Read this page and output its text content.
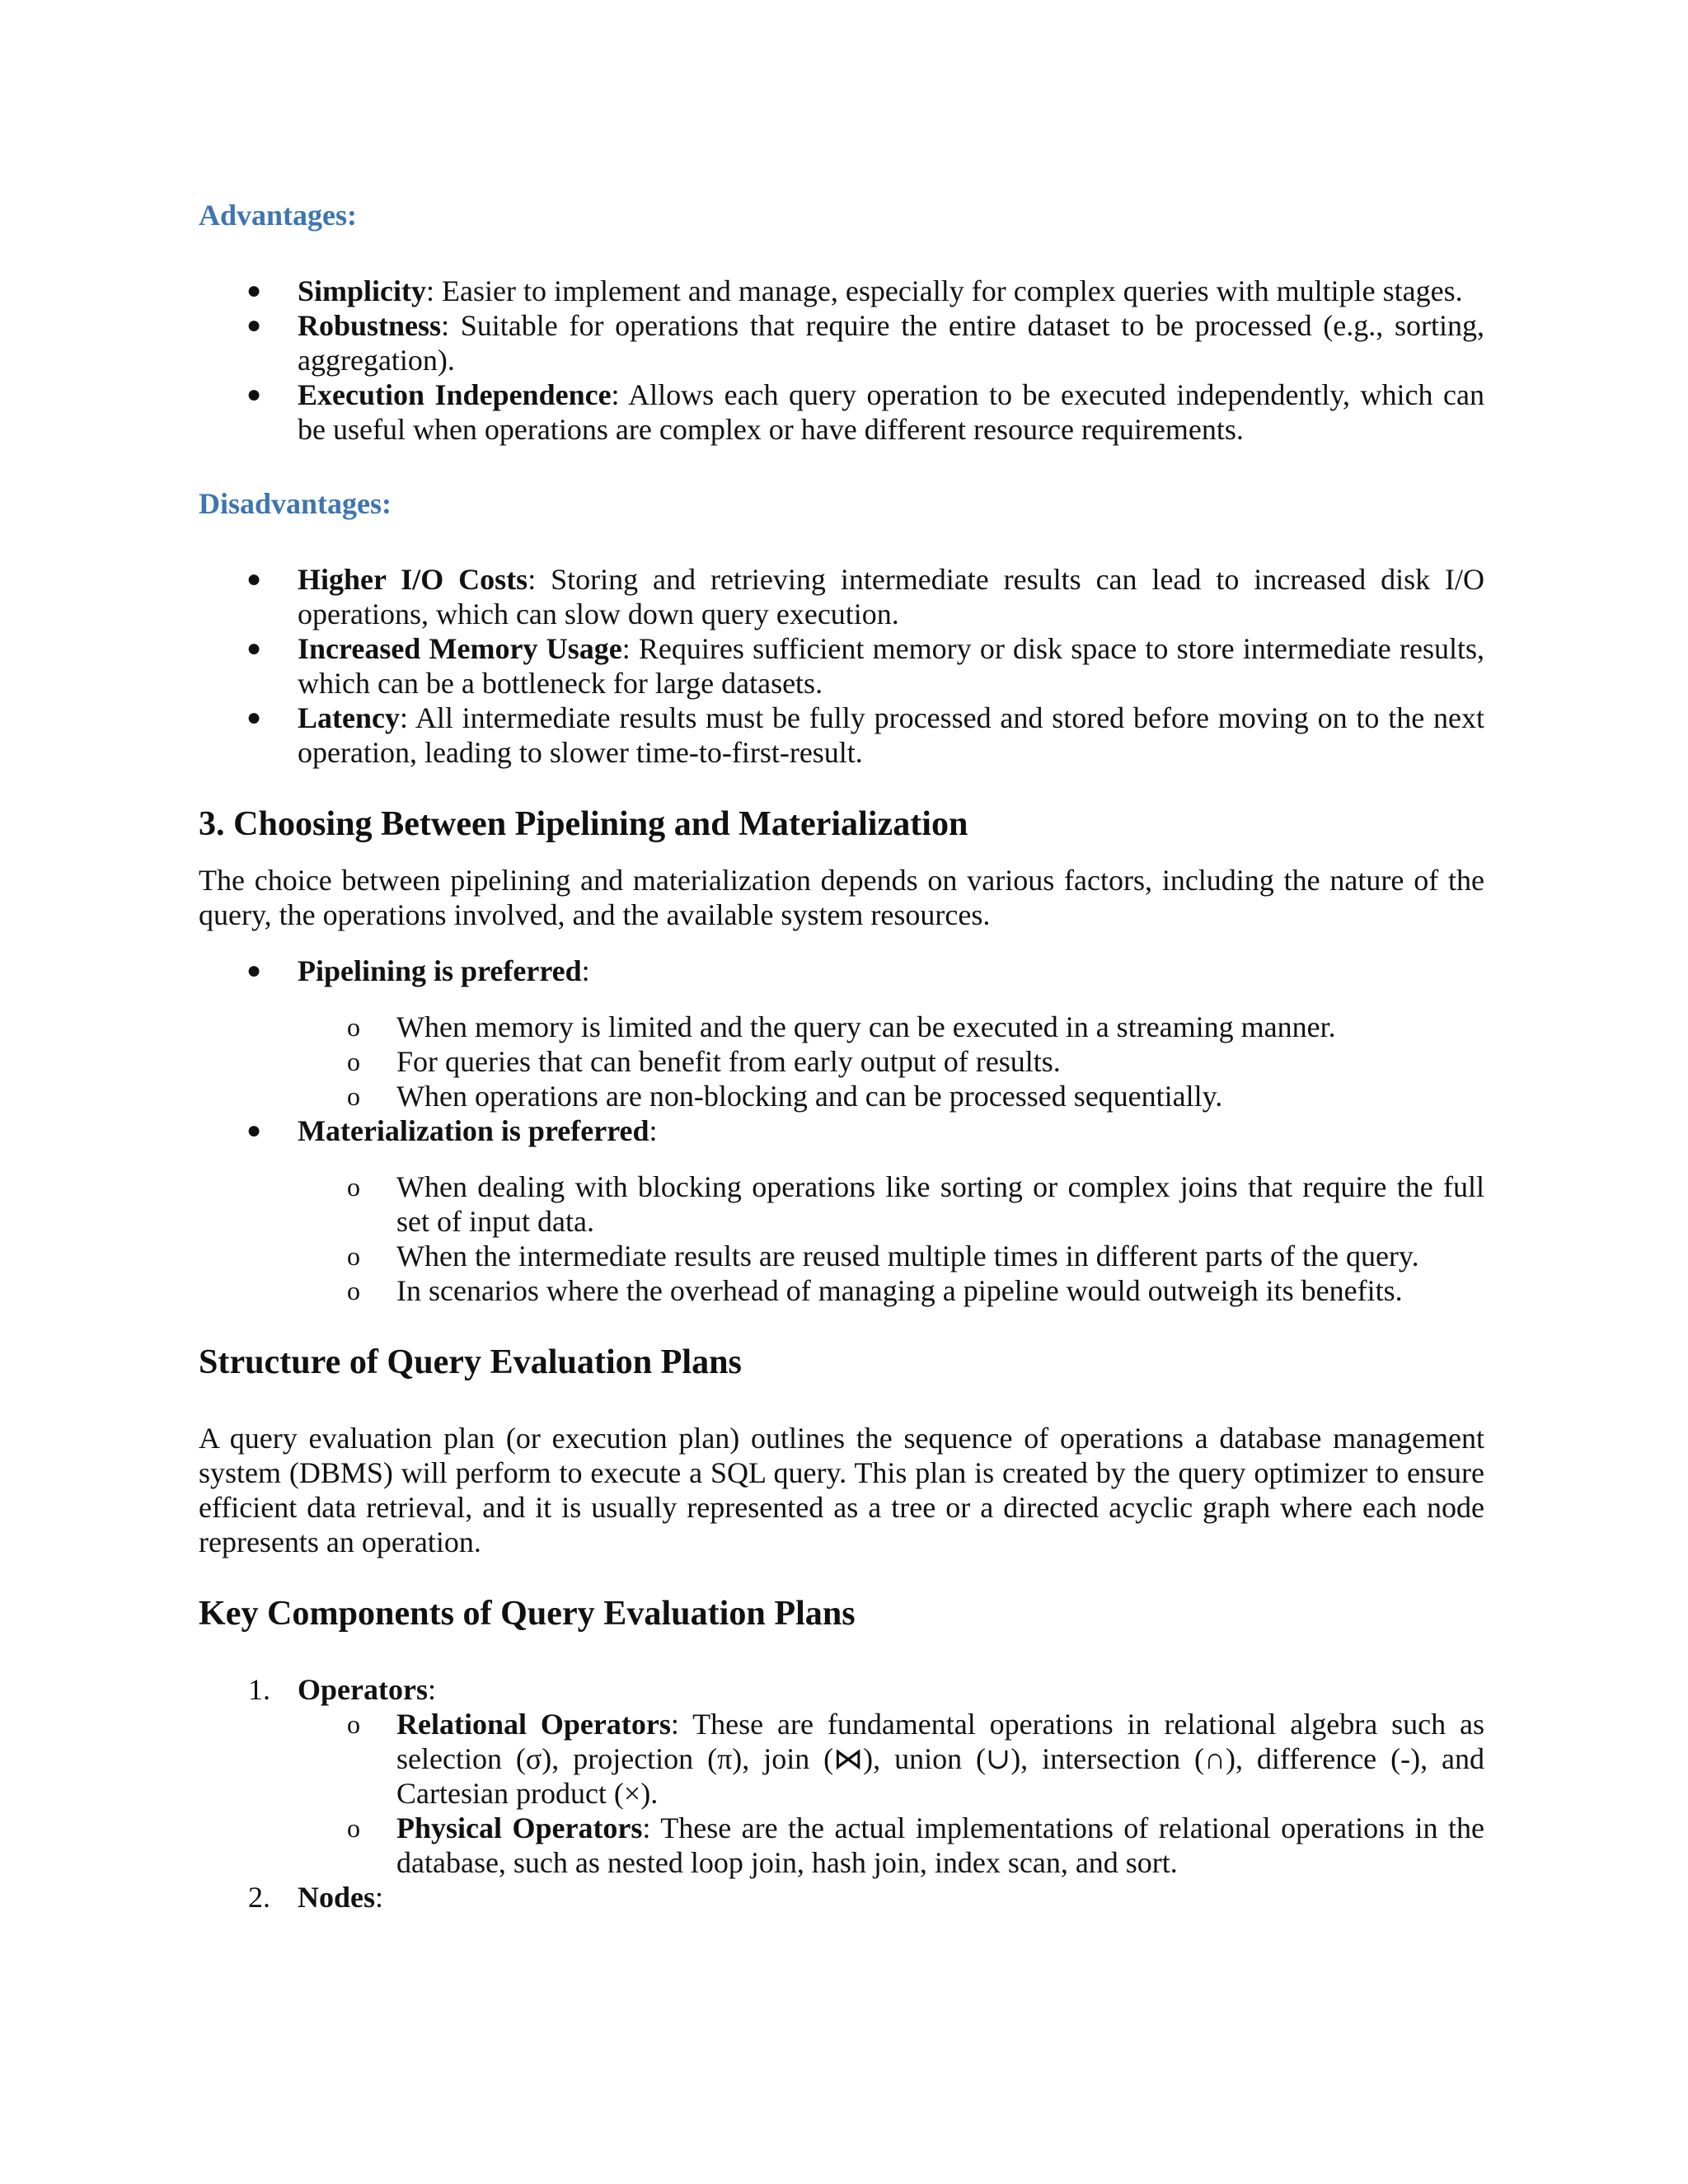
Advantages:
●	Simplicity: Easier to implement and manage, especially for complex queries with multiple stages.
●	Robustness: Suitable for operations that require the entire dataset to be processed (e.g., sorting, aggregation).
●	Execution Independence: Allows each query operation to be executed independently, which can be useful when operations are complex or have different resource requirements.
Disadvantages:
●	Higher I/O Costs: Storing and retrieving intermediate results can lead to increased disk I/O operations, which can slow down query execution.
●	Increased Memory Usage: Requires sufficient memory or disk space to store intermediate results, which can be a bottleneck for large datasets.
●	Latency: All intermediate results must be fully processed and stored before moving on to the next operation, leading to slower time-to-first-result.
3. Choosing Between Pipelining and Materialization

The choice between pipelining and materialization depends on various factors, including the nature of the query, the operations involved, and the available system resources.

●	Pipelining is preferred:
o When memory is limited and the query can be executed in a streaming manner.
o For queries that can benefit from early output of results.
o When operations are non-blocking and can be processed sequentially.
●	Materialization is preferred:
o When dealing with blocking operations like sorting or complex joins that require the full set of input data.
o When the intermediate results are reused multiple times in different parts of the query.
o In scenarios where the overhead of managing a pipeline would outweigh its benefits.
Structure of Query Evaluation Plans

A query evaluation plan (or execution plan) outlines the sequence of operations a database management system (DBMS) will perform to execute a SQL query. This plan is created by the query optimizer to ensure efficient data retrieval, and it is usually represented as a tree or a directed acyclic graph where each node represents an operation.

Key Components of Query Evaluation Plans
1. Operators:
o Relational Operators: These are fundamental operations in relational algebra such as selection (σ), projection (π), join (⋈), union (∪), intersection (∩), difference (-), and Cartesian product (×).
o Physical Operators: These are the actual implementations of relational operations in the database, such as nested loop join, hash join, index scan, and sort.
2. Nodes:
